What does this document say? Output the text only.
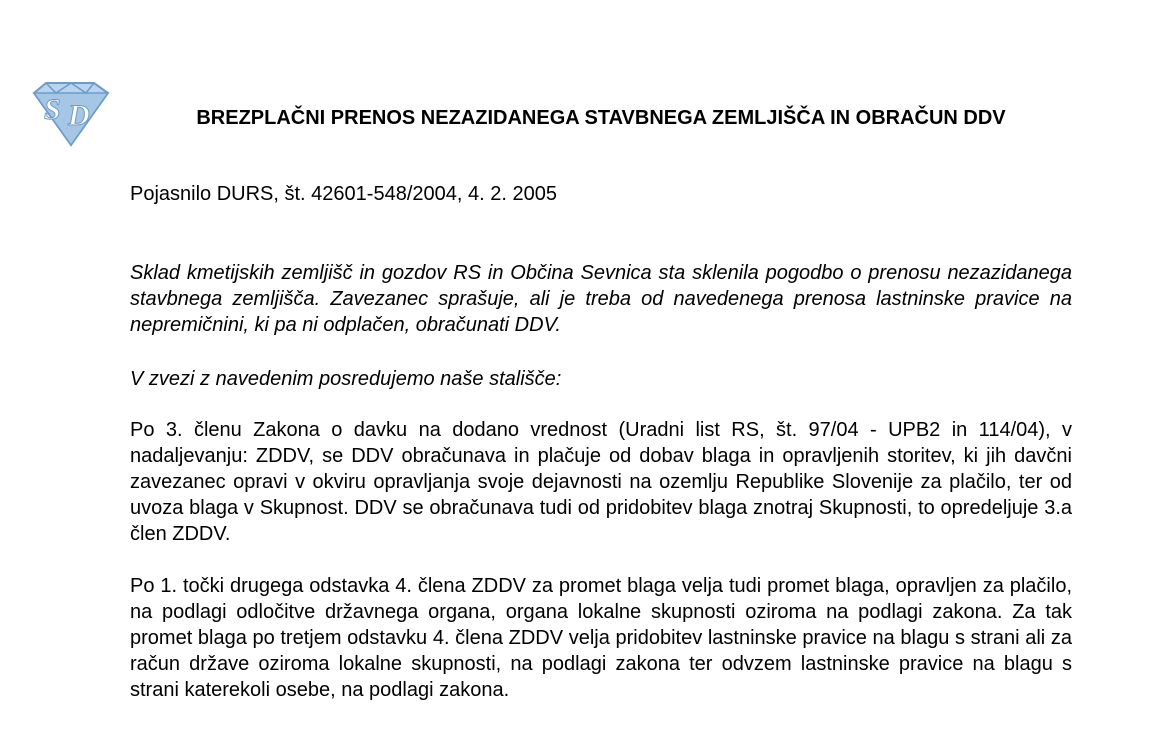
S D	BREZPLAČNI PRENOS NEZAZIDANEGA STAVBNEGA ZEMLJIŠČA IN OBRAČUN DDV

Pojasnilo DURS, št. 42601-548/2004, 4. 2. 2005

Sklad kmetijskih zemljišč in gozdov RS in Občina Sevnica sta sklenila pogodbo o prenosu nezazidanega stavbnega zemljišča. Zavezanec sprašuje, ali je treba od navedenega prenosa lastninske pravice na nepremičnini, ki pa ni odplačen, obračunati DDV.

V zvezi z navedenim posredujemo naše stališče:

Po 3. členu Zakona o davku na dodano vrednost (Uradni list RS, št. 97/04 - UPB2 in 114/04), v nadaljevanju: ZDDV, se DDV obračunava in plačuje od dobav blaga in opravljenih storitev, ki jih davčni zavezanec opravi v okviru opravljanja svoje dejavnosti na ozemlju Republike Slovenije za plačilo, ter od uvoza blaga v Skupnost. DDV se obračunava tudi od pridobitev blaga znotraj Skupnosti, to opredeljuje 3.a člen ZDDV.

Po 1. točki drugega odstavka 4. člena ZDDV za promet blaga velja tudi promet blaga, opravljen za plačilo, na podlagi odločitve državnega organa, organa lokalne skupnosti oziroma na podlagi zakona. Za tak promet blaga po tretjem odstavku 4. člena ZDDV velja pridobitev lastninske pravice na blagu s strani ali za račun države oziroma lokalne skupnosti, na podlagi zakona ter odvzem lastninske pravice na blagu s strani katerekoli osebe, na podlagi zakona.
